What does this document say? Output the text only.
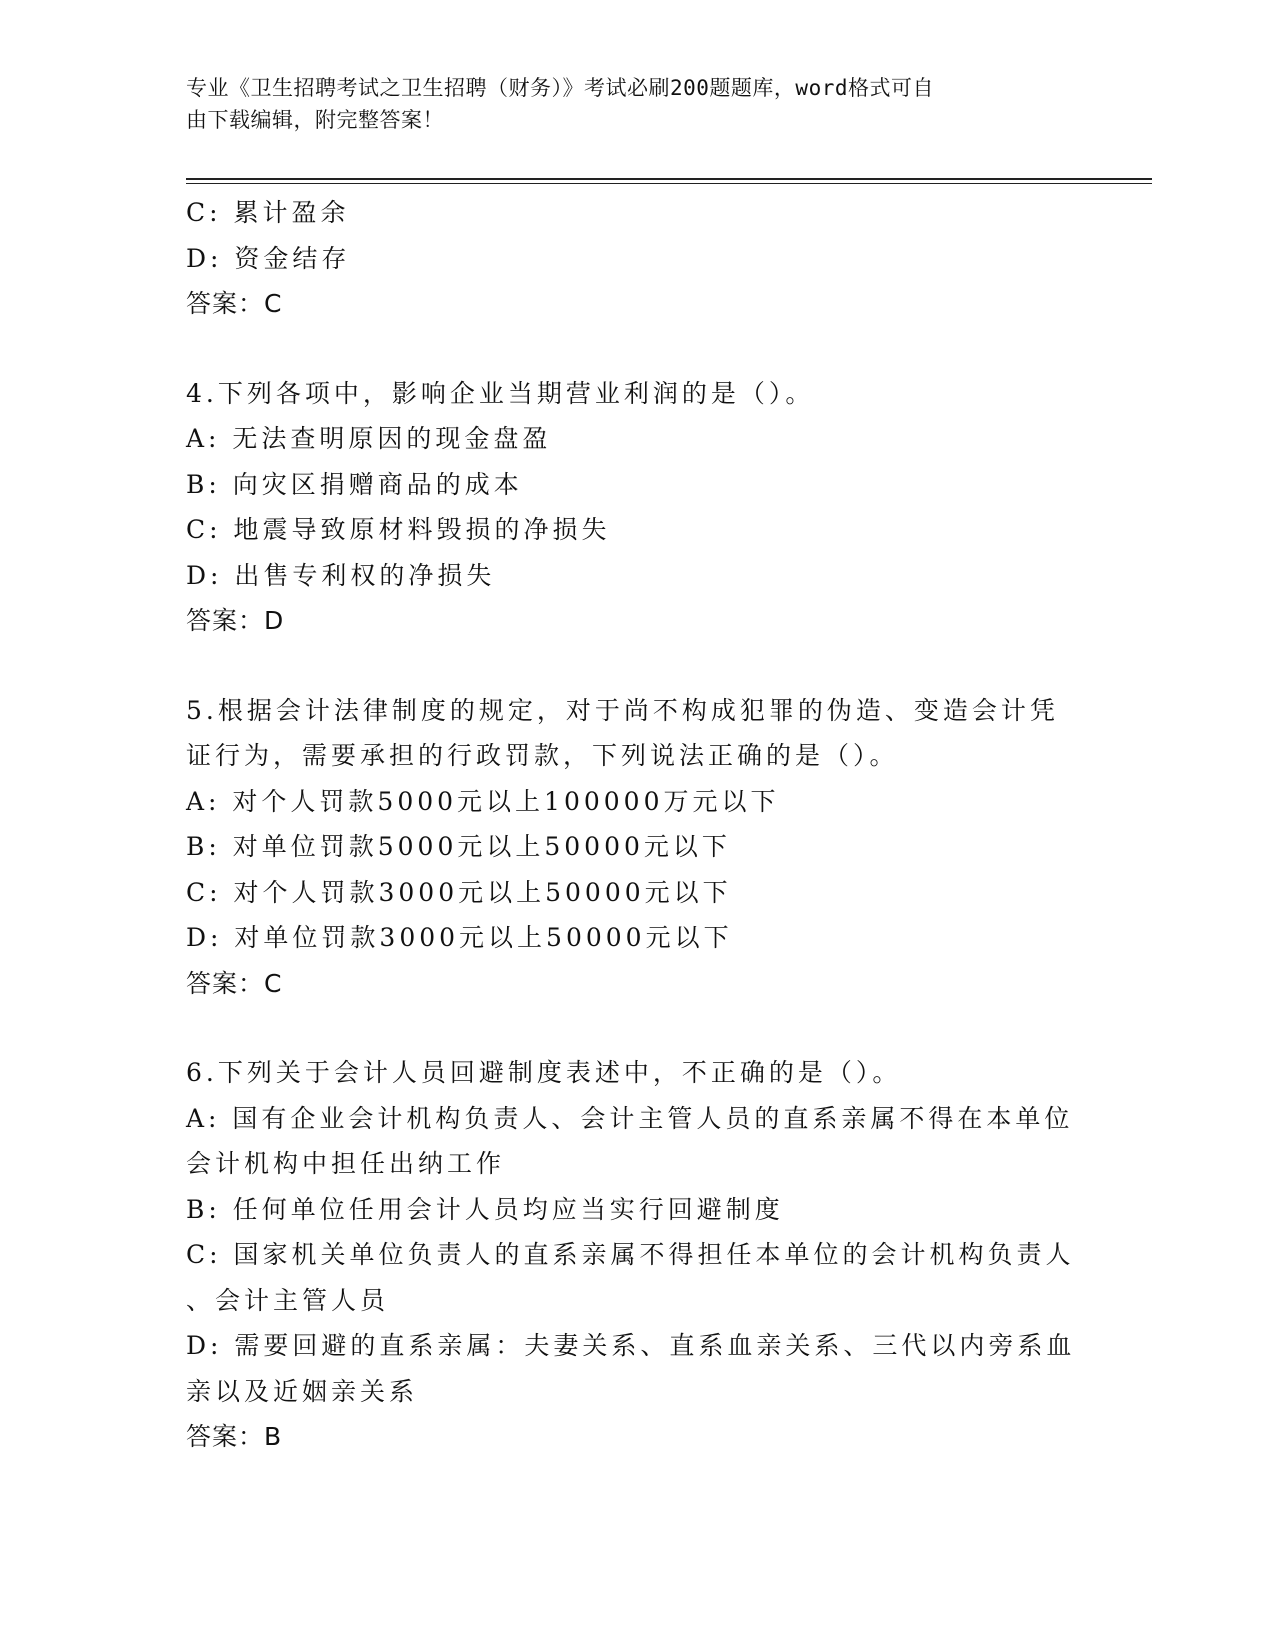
专业《卫生招聘考试之卫生招聘（财务）》考试必刷200题题库，word格式可自
由下载编辑，附完整答案！
C: 累计盈余
D: 资金结存
答案：C
4.下列各项中，影响企业当期营业利润的是（）。
A: 无法查明原因的现金盘盈
B: 向灾区捐赠商品的成本
C: 地震导致原材料毁损的净损失
D: 出售专利权的净损失
答案：D
5.根据会计法律制度的规定，对于尚不构成犯罪的伪造、变造会计凭
证行为，需要承担的行政罚款，下列说法正确的是（）。
A: 对个人罚款5000元以上100000万元以下
B: 对单位罚款5000元以上50000元以下
C: 对个人罚款3000元以上50000元以下
D: 对单位罚款3000元以上50000元以下
答案：C
6.下列关于会计人员回避制度表述中，不正确的是（）。
A: 国有企业会计机构负责人、会计主管人员的直系亲属不得在本单位
会计机构中担任出纳工作
B: 任何单位任用会计人员均应当实行回避制度
C: 国家机关单位负责人的直系亲属不得担任本单位的会计机构负责人
、会计主管人员
D: 需要回避的直系亲属：夫妻关系、直系血亲关系、三代以内旁系血
亲以及近姻亲关系
答案：B
